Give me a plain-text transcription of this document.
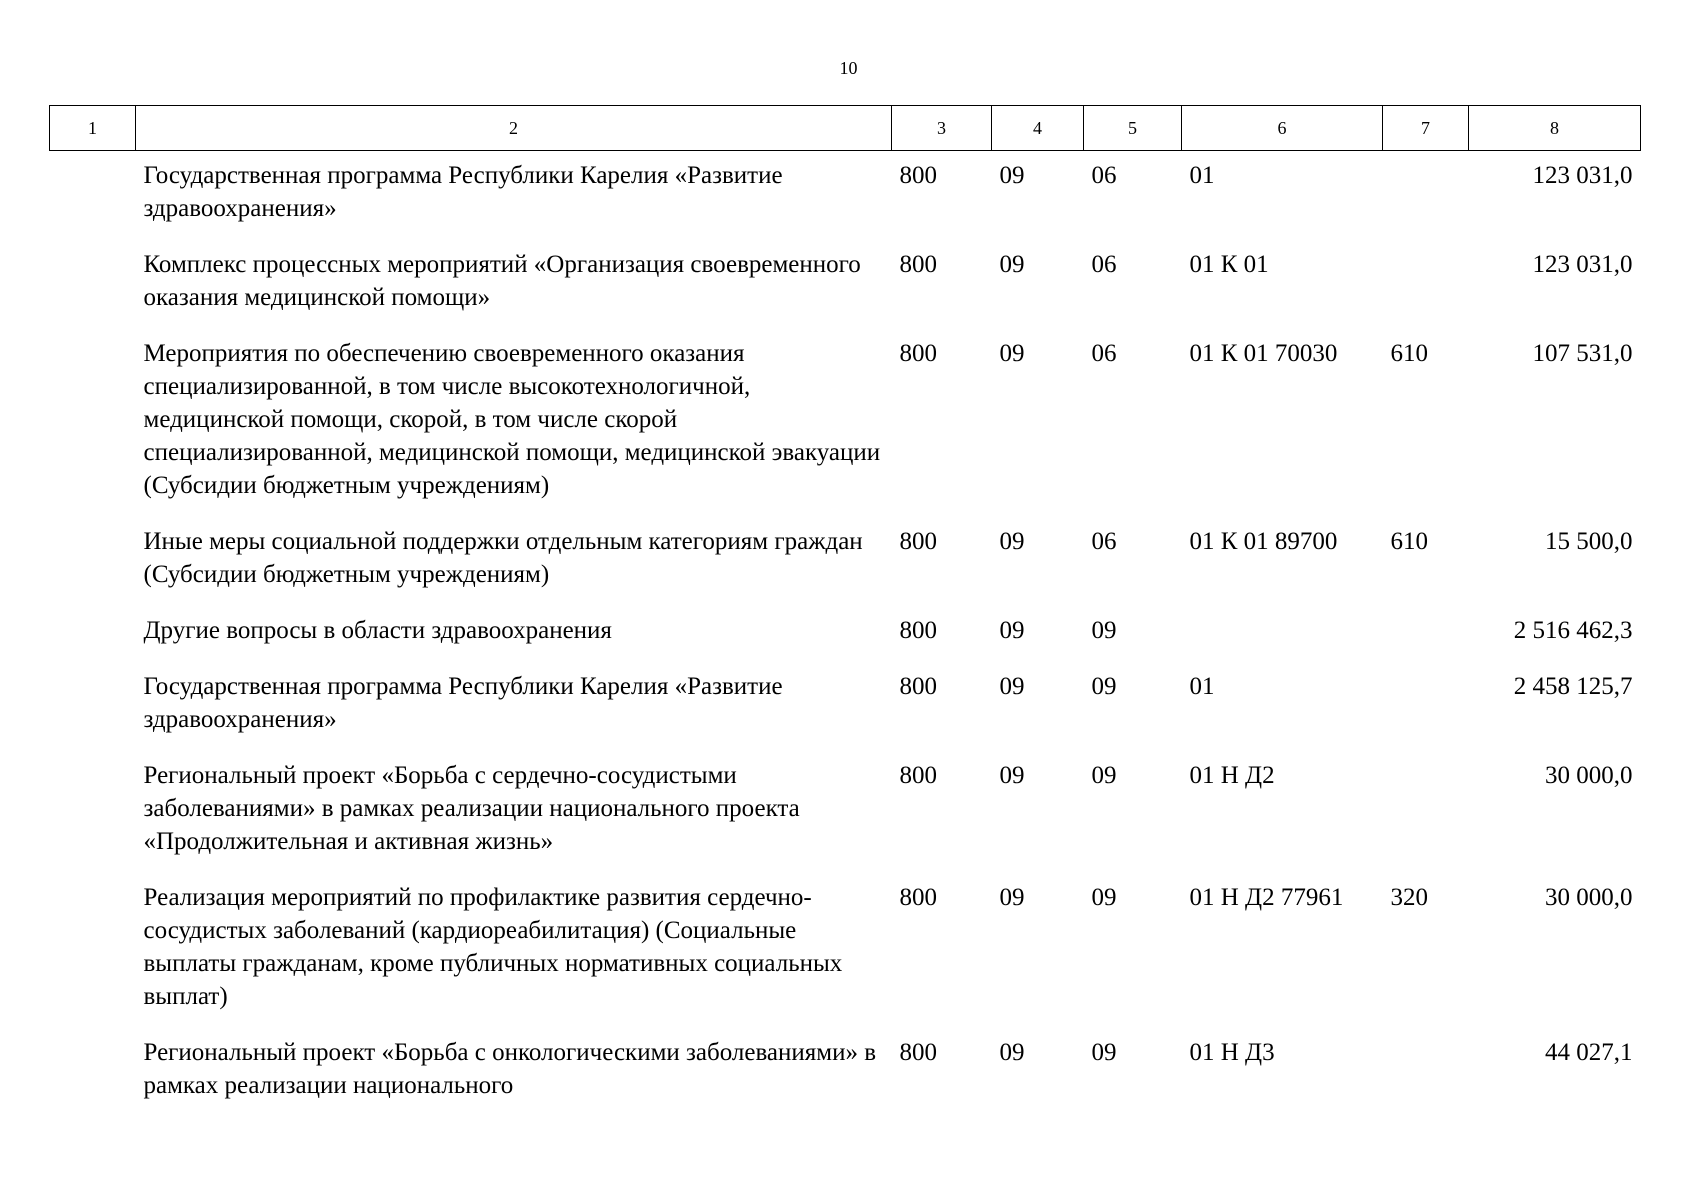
10
1	2	3	4	5	6	7	8
	Государственная программа Республики Карелия «Развитие здравоохранения»	800	09	06	01		123 031,0
	Комплекс процессных мероприятий «Организация своевременного оказания медицинской помощи»	800	09	06	01 К 01		123 031,0
	Мероприятия по обеспечению своевременного оказания специализированной, в том числе высокотехнологичной, медицинской помощи, скорой, в том числе скорой специализированной, медицинской помощи, медицинской эвакуации (Субсидии бюджетным учреждениям)	800	09	06	01 К 01 70030	610	107 531,0
	Иные меры социальной поддержки отдельным категориям граждан (Субсидии бюджетным учреждениям)	800	09	06	01 К 01 89700	610	15 500,0
	Другие вопросы в области здравоохранения	800	09	09			2 516 462,3
	Государственная программа Республики Карелия «Развитие здравоохранения»	800	09	09	01		2 458 125,7
	Региональный проект «Борьба с сердечно-сосудистыми заболеваниями» в рамках реализации национального проекта «Продолжительная и активная жизнь»	800	09	09	01 Н Д2		30 000,0
	Реализация мероприятий по профилактике развития сердечно-сосудистых заболеваний (кардиореабилитация) (Социальные выплаты гражданам, кроме публичных нормативных социальных выплат)	800	09	09	01 Н Д2 77961	320	30 000,0
	Региональный проект «Борьба с онкологическими заболеваниями» в рамках реализации национального	800	09	09	01 Н Д3		44 027,1
